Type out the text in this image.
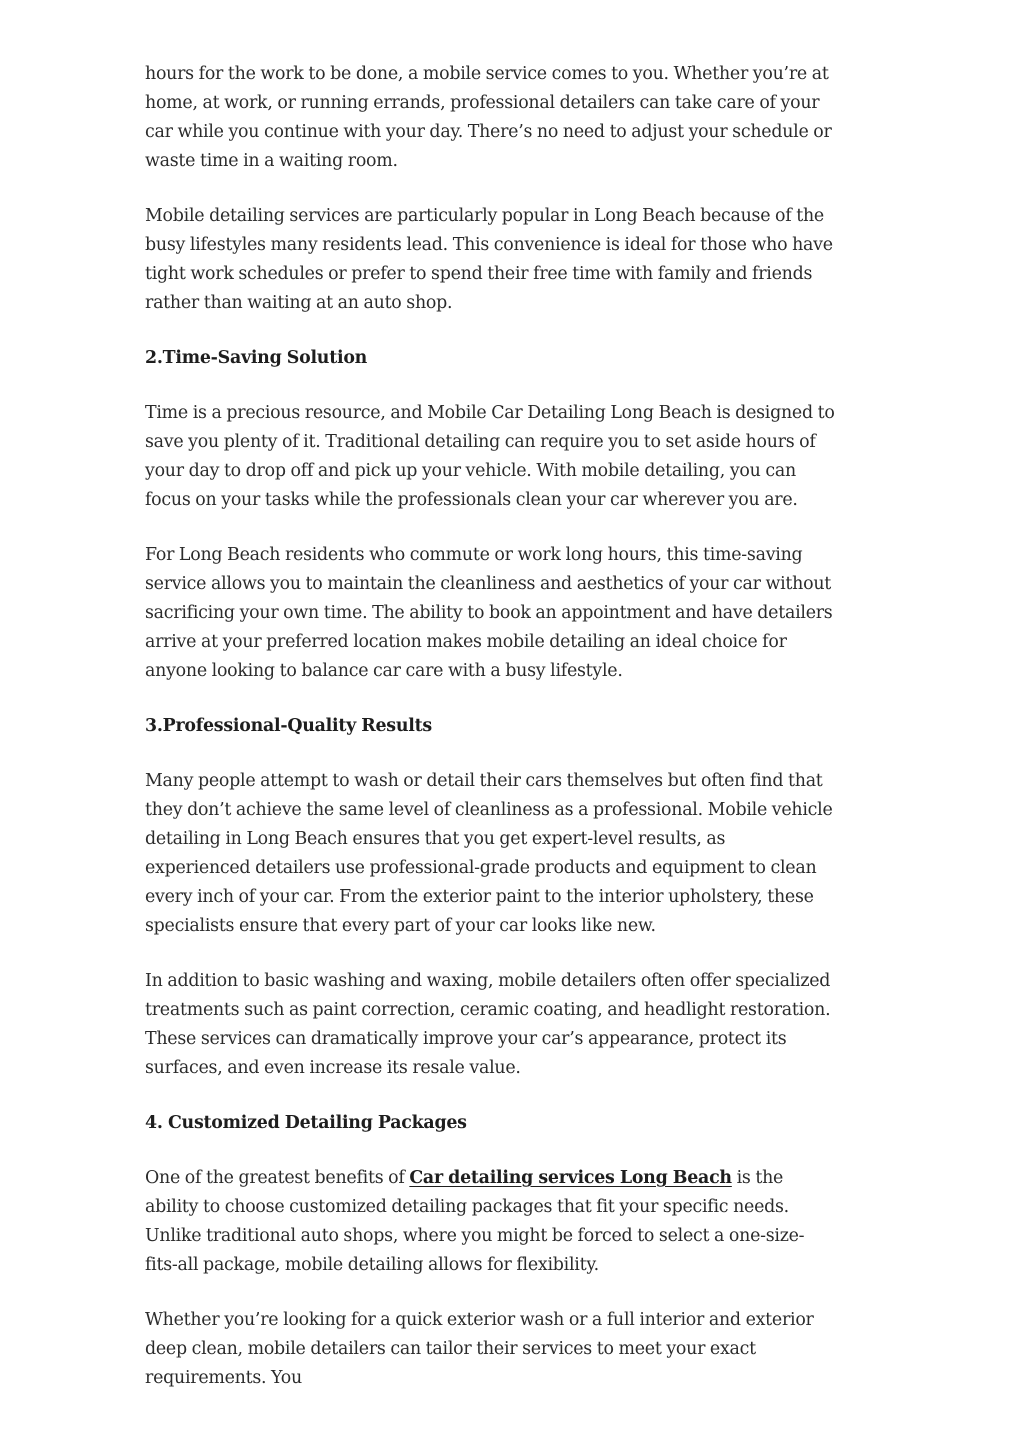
hours for the work to be done, a mobile service comes to you. Whether you’re at home, at work, or running errands, professional detailers can take care of your car while you continue with your day. There’s no need to adjust your schedule or waste time in a waiting room.

Mobile detailing services are particularly popular in Long Beach because of the busy lifestyles many residents lead. This convenience is ideal for those who have tight work schedules or prefer to spend their free time with family and friends rather than waiting at an auto shop.

2.Time-Saving Solution

Time is a precious resource, and Mobile Car Detailing Long Beach is designed to save you plenty of it. Traditional detailing can require you to set aside hours of your day to drop off and pick up your vehicle. With mobile detailing, you can focus on your tasks while the professionals clean your car wherever you are.

For Long Beach residents who commute or work long hours, this time-saving service allows you to maintain the cleanliness and aesthetics of your car without sacrificing your own time. The ability to book an appointment and have detailers arrive at your preferred location makes mobile detailing an ideal choice for anyone looking to balance car care with a busy lifestyle.

3.Professional-Quality Results

Many people attempt to wash or detail their cars themselves but often find that they don’t achieve the same level of cleanliness as a professional. Mobile vehicle detailing in Long Beach ensures that you get expert-level results, as experienced detailers use professional-grade products and equipment to clean every inch of your car. From the exterior paint to the interior upholstery, these specialists ensure that every part of your car looks like new.

In addition to basic washing and waxing, mobile detailers often offer specialized treatments such as paint correction, ceramic coating, and headlight restoration. These services can dramatically improve your car’s appearance, protect its surfaces, and even increase its resale value.

4. Customized Detailing Packages

One of the greatest benefits of Car detailing services Long Beach is the ability to choose customized detailing packages that fit your specific needs. Unlike traditional auto shops, where you might be forced to select a one-size-fits-all package, mobile detailing allows for flexibility.

Whether you’re looking for a quick exterior wash or a full interior and exterior deep clean, mobile detailers can tailor their services to meet your exact requirements. You
